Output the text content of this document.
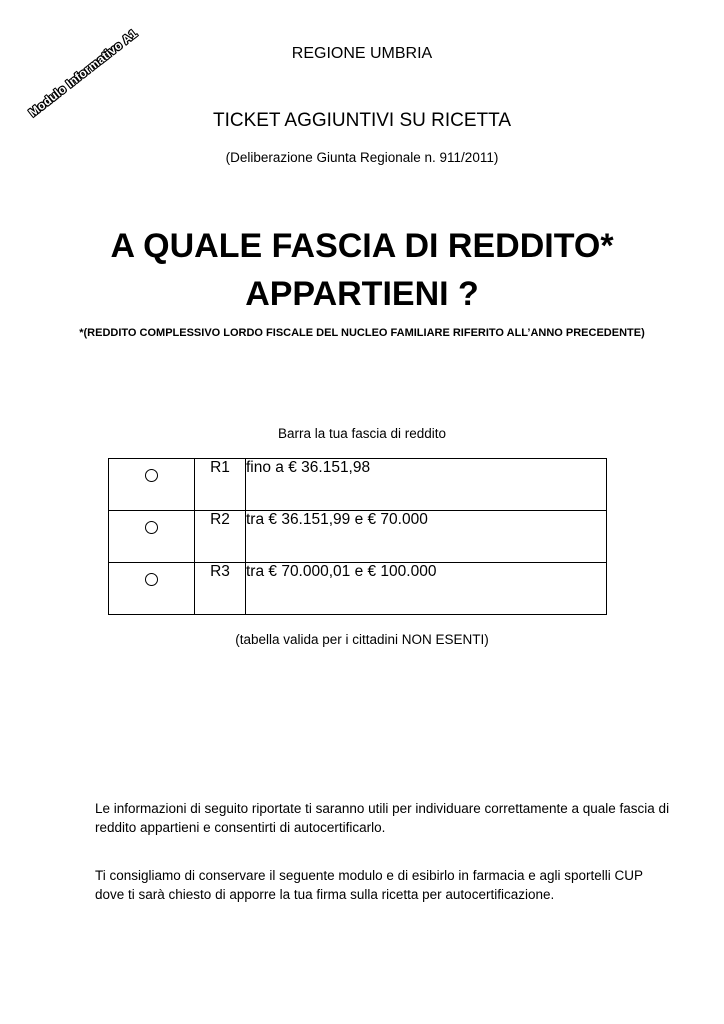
Modulo Informativo A1	REGIONE UMBRIA
TICKET AGGIUNTIVI SU RICETTA
(Deliberazione Giunta Regionale n. 911/2011)
A QUALE FASCIA DI REDDITO*
APPARTIENI ?
*(REDDITO COMPLESSIVO LORDO FISCALE DEL NUCLEO FAMILIARE RIFERITO ALL’ANNO PRECEDENTE)
Barra la tua fascia di reddito
	R1	fino a € 36.151,98
	R2	tra € 36.151,99 e € 70.000
	R3	tra € 70.000,01 e € 100.000
(tabella valida per i cittadini NON ESENTI)
Le informazioni di seguito riportate ti saranno utili per individuare correttamente a quale fascia di reddito appartieni e consentirti di autocertificarlo.
Ti consigliamo di conservare il seguente modulo e di esibirlo in farmacia e agli sportelli CUP dove ti sarà chiesto di apporre la tua firma sulla ricetta per autocertificazione.
